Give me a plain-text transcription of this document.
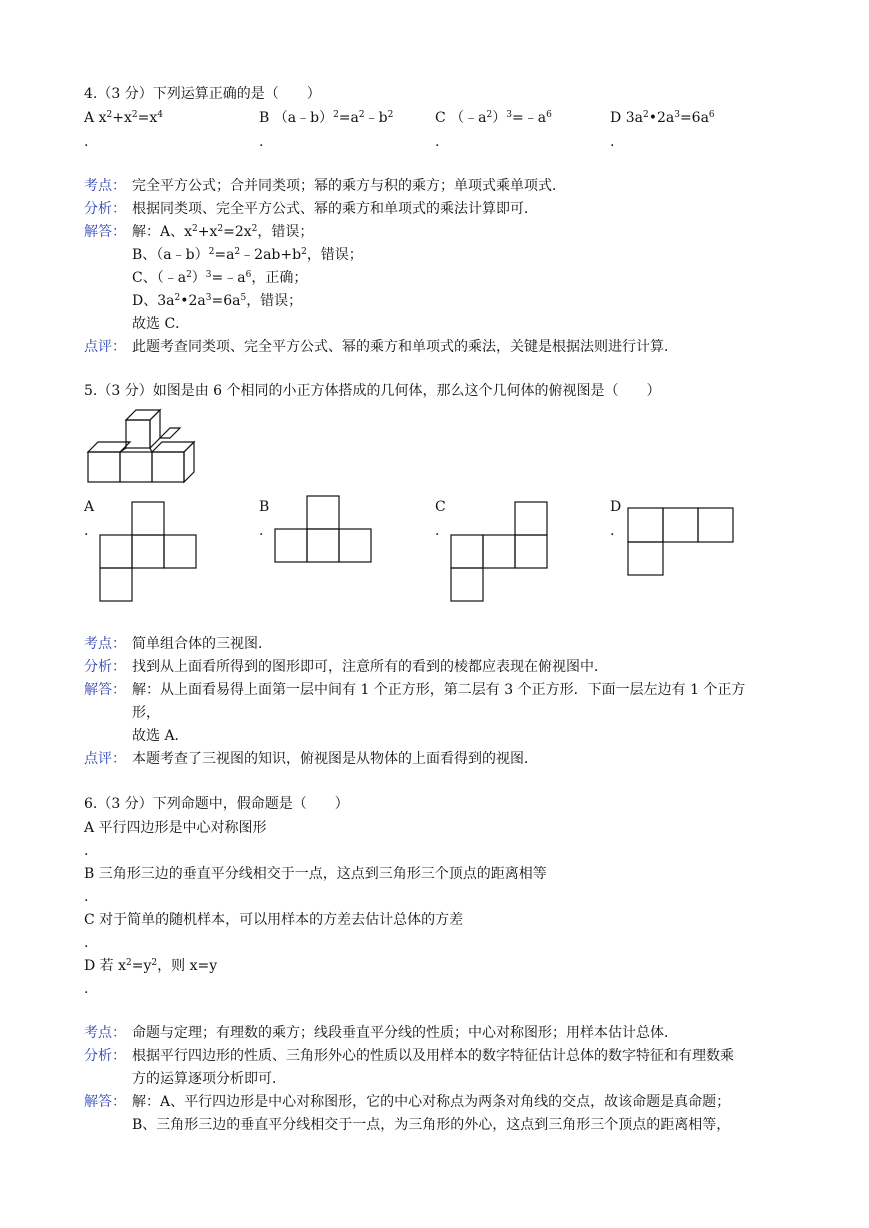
4.（3 分）下列运算正确的是（　　）
A $x^2+x^2=x^4$
.
B $(a﹣b)^2=a^2﹣b^2$
.
C $(﹣a^2)^3=﹣a^6$
.
D $3a^2•2a^3=6a^6$
.
考点： 完全平方公式；合并同类项；幂的乘方与积的乘方；单项式乘单项式．
分析： 根据同类项、完全平方公式、幂的乘方和单项式的乘法计算即可．
解答： 解：A、$x^2+x^2=2x^2$，错误；
B、$(a﹣b)^2=a^2﹣2ab+b^2$，错误；
C、$(﹣a^2)^3=﹣a^6$，正确；
D、$3a^2•2a^3=6a^5$，错误；
故选 C．
点评： 此题考查同类项、完全平方公式、幂的乘方和单项式的乘法，关键是根据法则进行计算．
5.（3 分）如图是由 6 个相同的小正方体搭成的几何体，那么这个几何体的俯视图是（　　）
A
.
B
.
C
.
D
.
考点： 简单组合体的三视图．
分析： 找到从上面看所得到的图形即可，注意所有的看到的棱都应表现在俯视图中．
解答： 解：从上面看易得上面第一层中间有 1 个正方形，第二层有 3 个正方形．下面一层左边有 1 个正方
形，
故选 A．
点评： 本题考查了三视图的知识，俯视图是从物体的上面看得到的视图．
6.（3 分）下列命题中，假命题是（　　）
A 平行四边形是中心对称图形
.
B 三角形三边的垂直平分线相交于一点，这点到三角形三个顶点的距离相等
.
C 对于简单的随机样本，可以用样本的方差去估计总体的方差
.
D 若 $x^2=y^2$，则 x=y
.
考点： 命题与定理；有理数的乘方；线段垂直平分线的性质；中心对称图形；用样本估计总体．
分析： 根据平行四边形的性质、三角形外心的性质以及用样本的数字特征估计总体的数字特征和有理数乘
方的运算逐项分析即可．
解答： 解：A、平行四边形是中心对称图形，它的中心对称点为两条对角线的交点，故该命题是真命题；
B、三角形三边的垂直平分线相交于一点，为三角形的外心，这点到三角形三个顶点的距离相等，
